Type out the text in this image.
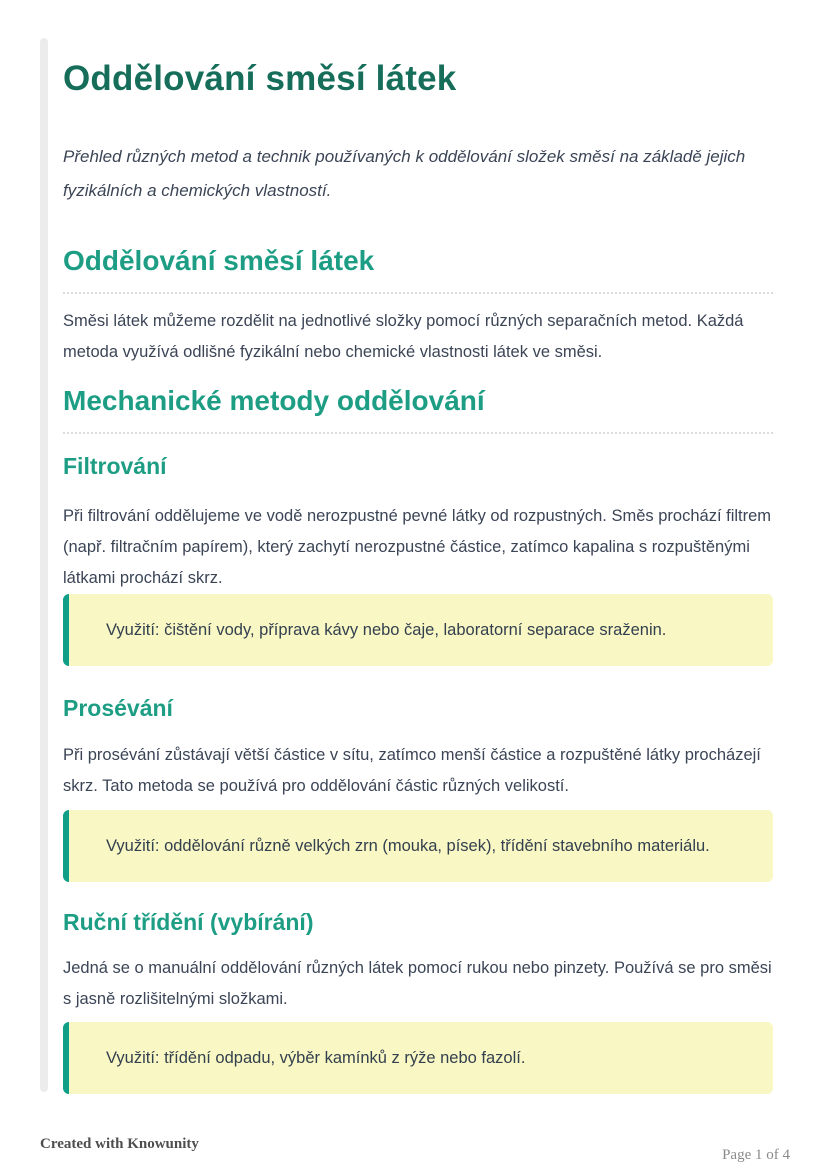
Oddělování směsí látek

Přehled různých metod a technik používaných k oddělování složek směsí na základě jejich fyzikálních a chemických vlastností.

Oddělování směsí látek

Směsi látek můžeme rozdělit na jednotlivé složky pomocí různých separačních metod. Každá metoda využívá odlišné fyzikální nebo chemické vlastnosti látek ve směsi.

Mechanické metody oddělování
Filtrování

Při filtrování oddělujeme ve vodě nerozpustné pevné látky od rozpustných. Směs prochází filtrem (např. filtračním papírem), který zachytí nerozpustné částice, zatímco kapalina s rozpuštěnými látkami prochází skrz.

Využití: čištění vody, příprava kávy nebo čaje, laboratorní separace sraženin.
Prosévání

Při prosévání zůstávají větší částice v sítu, zatímco menší částice a rozpuštěné látky procházejí skrz. Tato metoda se používá pro oddělování částic různých velikostí.

Využití: oddělování různě velkých zrn (mouka, písek), třídění stavebního materiálu.
Ruční třídění (vybírání)

Jedná se o manuální oddělování různých látek pomocí rukou nebo pinzety. Používá se pro směsi s jasně rozlišitelnými složkami.

Využití: třídění odpadu, výběr kamínků z rýže nebo fazolí.
Created with Knowunity
Page 1 of 4
